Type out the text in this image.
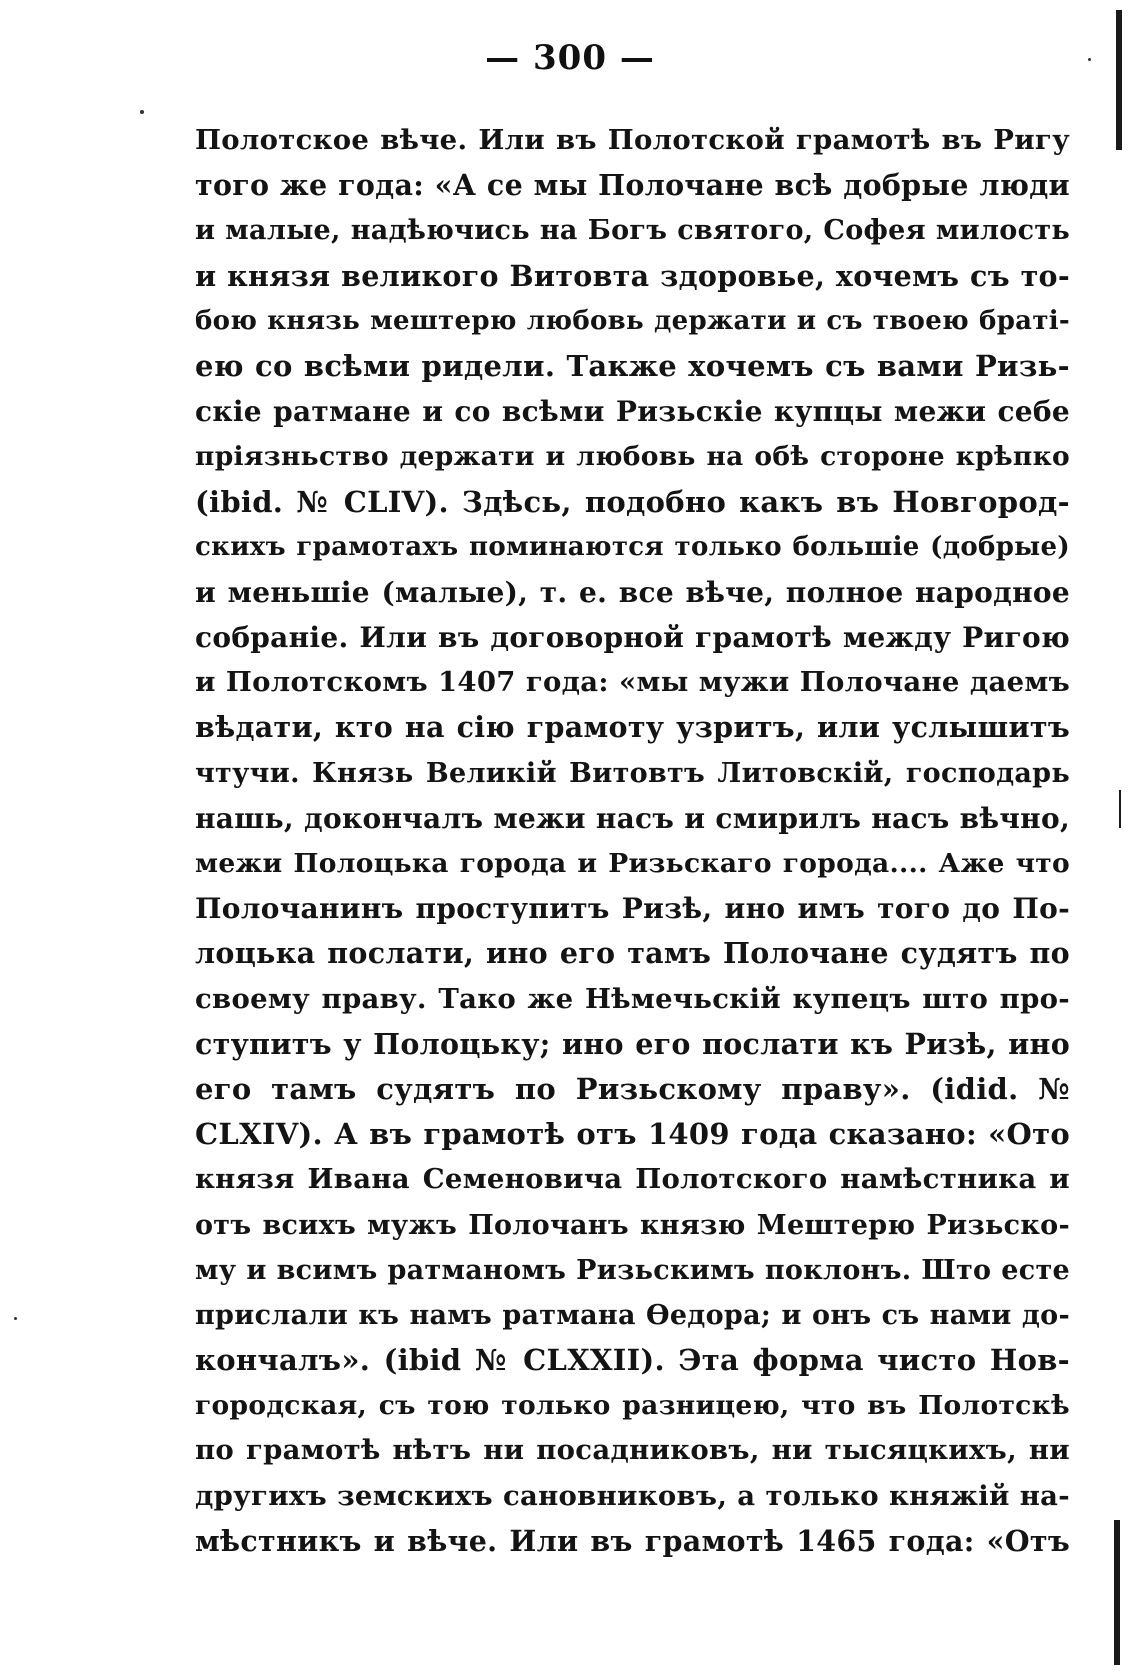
— 300 —
Полотское вѣче. Или въ Полотской грамотѣ въ Ригу
того же года: «А се мы Полочане всѣ добрые люди
и малые, надѣючись на Богъ святого, Софея милость
и князя великого Витовта здоровье, хочемъ съ то-
бою князь мештерю любовь держати и съ твоею браті-
ею со всѣми ридели. Также хочемъ съ вами Ризь-
скіе ратмане и со всѣми Ризьскіе купцы межи себе
пріязньство держати и любовь на обѣ стороне крѣпко
(ibid. № CLIV). Здѣсь, подобно какъ въ Новгород-
скихъ грамотахъ поминаются только большіе (добрые)
и меньшіе (малые), т. е. все вѣче, полное народное
собраніе. Или въ договорной грамотѣ между Ригою
и Полотскомъ 1407 года: «мы мужи Полочане даемъ
вѣдати, кто на сію грамоту узритъ, или услышитъ
чтучи. Князь Великій Витовтъ Литовскій, господарь
нашь, докончалъ межи насъ и смирилъ насъ вѣчно,
межи Полоцька города и Ризьскаго города.... Аже что
Полочанинъ проступитъ Ризѣ, ино имъ того до По-
лоцька послати, ино его тамъ Полочане судятъ по
своему праву. Тако же Нѣмечьскій купецъ што про-
ступитъ у Полоцьку; ино его послати къ Ризѣ, ино
его тамъ судятъ по Ризьскому праву». (idid. №
CLXIV). А въ грамотѣ отъ 1409 года сказано: «Ото
князя Ивана Семеновича Полотского намѣстника и
отъ всихъ мужъ Полочанъ князю Мештерю Ризьско-
му и всимъ ратманомъ Ризьскимъ поклонъ. Што есте
прислали къ намъ ратмана Өедора; и онъ съ нами до-
кончалъ». (ibid № CLXXII). Эта форма чисто Нов-
городская, съ тою только разницею, что въ Полотскѣ
по грамотѣ нѣтъ ни посадниковъ, ни тысяцкихъ, ни
другихъ земскихъ сановниковъ, а только княжій на-
мѣстникъ и вѣче. Или въ грамотѣ 1465 года: «Отъ
